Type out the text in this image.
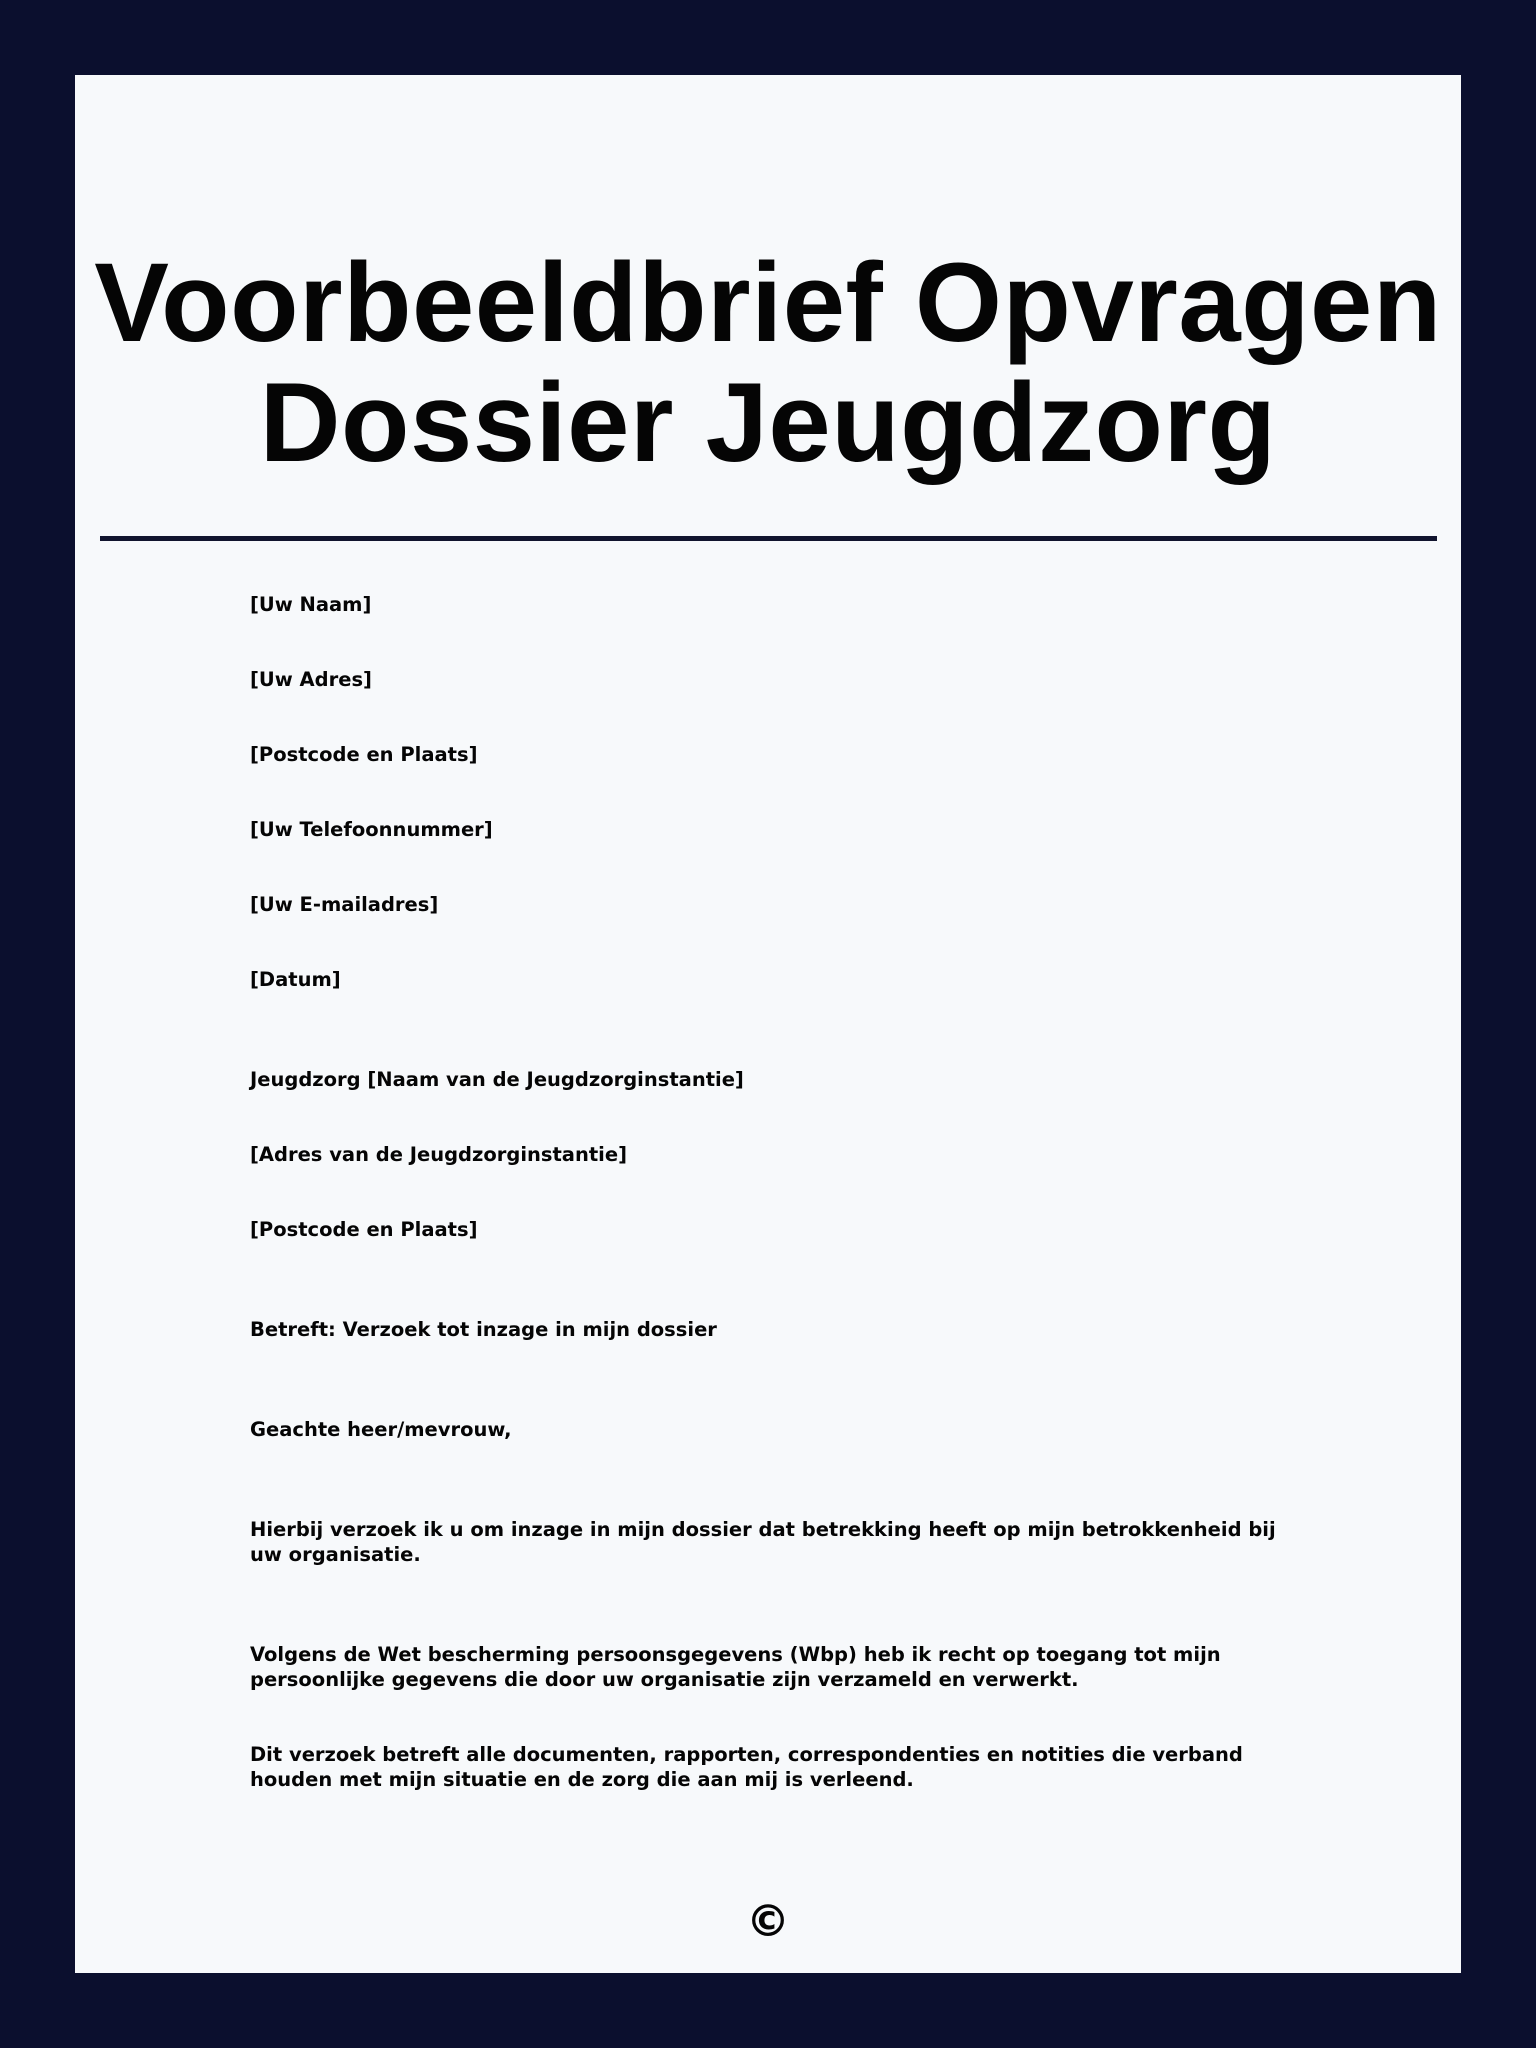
Voorbeeldbrief Opvragen Dossier Jeugdzorg

[Uw Naam]

[Uw Adres]

[Postcode en Plaats]

[Uw Telefoonnummer]

[Uw E-mailadres]

[Datum]

Jeugdzorg [Naam van de Jeugdzorginstantie]

[Adres van de Jeugdzorginstantie]

[Postcode en Plaats]

Betreft: Verzoek tot inzage in mijn dossier

Geachte heer/mevrouw,

Hierbij verzoek ik u om inzage in mijn dossier dat betrekking heeft op mijn betrokkenheid bij uw organisatie.

Volgens de Wet bescherming persoonsgegevens (Wbp) heb ik recht op toegang tot mijn persoonlijke gegevens die door uw organisatie zijn verzameld en verwerkt.

Dit verzoek betreft alle documenten, rapporten, correspondenties en notities die verband houden met mijn situatie en de zorg die aan mij is verleend.

©
